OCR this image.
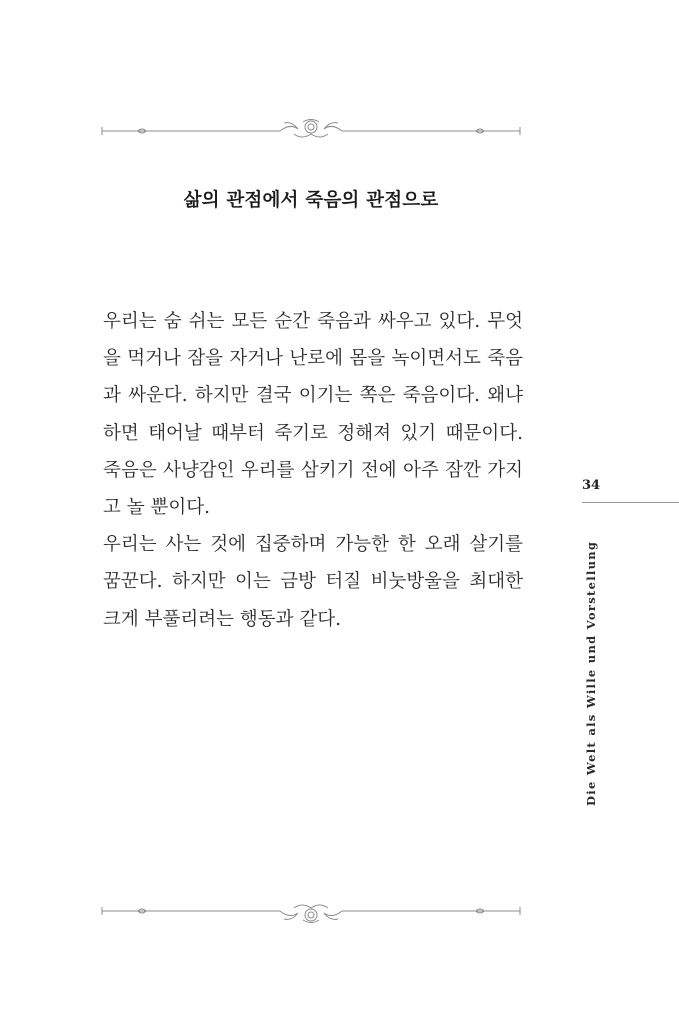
삶의 관점에서 죽음의 관점으로

우리는 숨 쉬는 모든 순간 죽음과 싸우고 있다. 무엇을 먹거나 잠을 자거나 난로에 몸을 녹이면서도 죽음과 싸운다. 하지만 결국 이기는 쪽은 죽음이다. 왜냐하면 태어날 때부터 죽기로 정해져 있기 때문이다. 죽음은 사냥감인 우리를 삼키기 전에 아주 잠깐 가지고 놀 뿐이다.

우리는 사는 것에 집중하며 가능한 한 오래 살기를 꿈꾼다. 하지만 이는 금방 터질 비눗방울을 최대한 크게 부풀리려는 행동과 같다.

34
Die Welt als Wille und Vorstellung
